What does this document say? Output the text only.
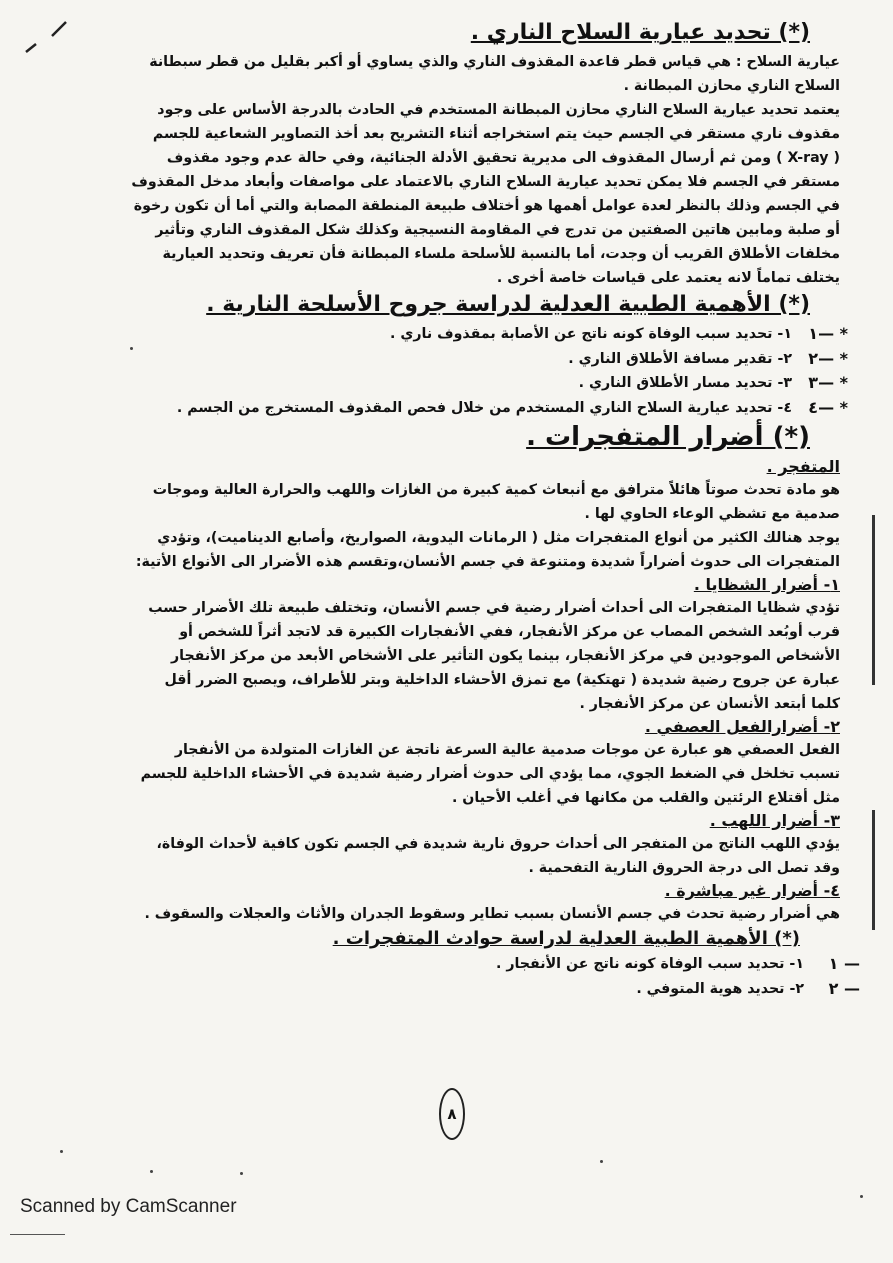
(*) تحديد عيارية السلاح الناري .

عيارية السلاح : هي قياس قطر قاعدة المقذوف الناري والذي يساوي أو أكبر بقليل من قطر سبطانة
السلاح الناري محازن المبطانة .
يعتمد تحديد عيارية السلاح الناري محازن المبطانة المستخدم في الحادث بالدرجة الأساس على وجود
مقذوف ناري مستقر في الجسم حيث يتم استخراجه أثناء التشريح بعد أخذ التصاوير الشعاعية للجسم
( X-ray ) ومن ثم أرسال المقذوف الى مديرية تحقيق الأدلة الجنائية، وفي حالة عدم وجود مقذوف
مستقر في الجسم فلا يمكن تحديد عيارية السلاح الناري بالاعتماد على مواصفات وأبعاد مدخل المقذوف
في الجسم وذلك بالنظر لعدة عوامل أهمها هو أختلاف طبيعة المنطقة المصابة والتي أما أن تكون رخوة
أو صلبة ومابين هاتين الصفتين من تدرج في المقاومة النسيجية وكذلك شكل المقذوف الناري وتأثير
مخلفات الأطلاق القريب أن وجدت، أما بالنسبة للأسلحة ملساء المبطانة فأن تعريف وتحديد العيارية
يختلف تماماً لانه يعتمد على قياسات خاصة أخرى .

(*) الأهمية الطبية العدلية لدراسة جروح الأسلحة النارية .
* —١
١- تحديد سبب الوفاة كونه ناتج عن الأصابة بمقذوف ناري .
* —٢
٢- تقدير مسافة الأطلاق الناري .
* —٣
٣- تحديد مسار الأطلاق الناري .
* —٤
٤- تحديد عيارية السلاح الناري المستخدم من خلال فحص المقذوف المستخرج من الجسم .
(*) أضرار المتفجرات .
المتفجر .

هو مادة تحدث صوتاً هائلاً مترافق مع أنبعاث كمية كبيرة من الغازات واللهب والحرارة العالية وموجات
صدمية مع تشظي الوعاء الحاوي لها .
يوجد هنالك الكثير من أنواع المتفجرات مثل ( الرمانات اليدوية، الصواريخ، وأصابع الديناميت)، وتؤدي
المتفجرات الى حدوث أضراراً شديدة ومتنوعة في جسم الأنسان،وتقسم هذه الأضرار الى الأنواع الأتية:

١- أضرار الشظايا .

تؤدي شظايا المتفجرات الى أحداث أضرار رضية في جسم الأنسان، وتختلف طبيعة تلك الأضرار حسب
قرب أوبُعد الشخص المصاب عن مركز الأنفجار، ففي الأنفجارات الكبيرة قد لاتجد أثراً للشخص أو
الأشخاص الموجودين في مركز الأنفجار، بينما يكون التأثير على الأشخاص الأبعد من مركز الأنفجار
عبارة عن جروح رضية شديدة ( تهتكية) مع تمزق الأحشاء الداخلية وبتر للأطراف، ويصبح الضرر أقل
كلما أبتعد الأنسان عن مركز الأنفجار .

٢- أضرارالفعل العصفي .

الفعل العصفي هو عبارة عن موجات صدمية عالية السرعة ناتجة عن الغازات المتولدة من الأنفجار
تسبب تخلخل في الضغط الجوي، مما يؤدي الى حدوث أضرار رضية شديدة في الأحشاء الداخلية للجسم
مثل أقتلاع الرئتين والقلب من مكانها في أغلب الأحيان .

٣- أضرار اللهب .

يؤدي اللهب الناتج من المتفجر الى أحداث حروق نارية شديدة في الجسم تكون كافية لأحداث الوفاة،
وقد تصل الى درجة الحروق النارية التفحمية .

٤- أضرار غير مباشرة .

هي أضرار رضية تحدث في جسم الأنسان بسبب تطاير وسقوط الجدران والأثاث والعجلات والسقوف .

(*) الأهمية الطبية العدلية لدراسة حوادث المتفجرات .
— ١
١- تحديد سبب الوفاة كونه ناتج عن الأنفجار .
— ٢
٢- تحديد هوية المتوفي .
٨
Scanned by CamScanner
